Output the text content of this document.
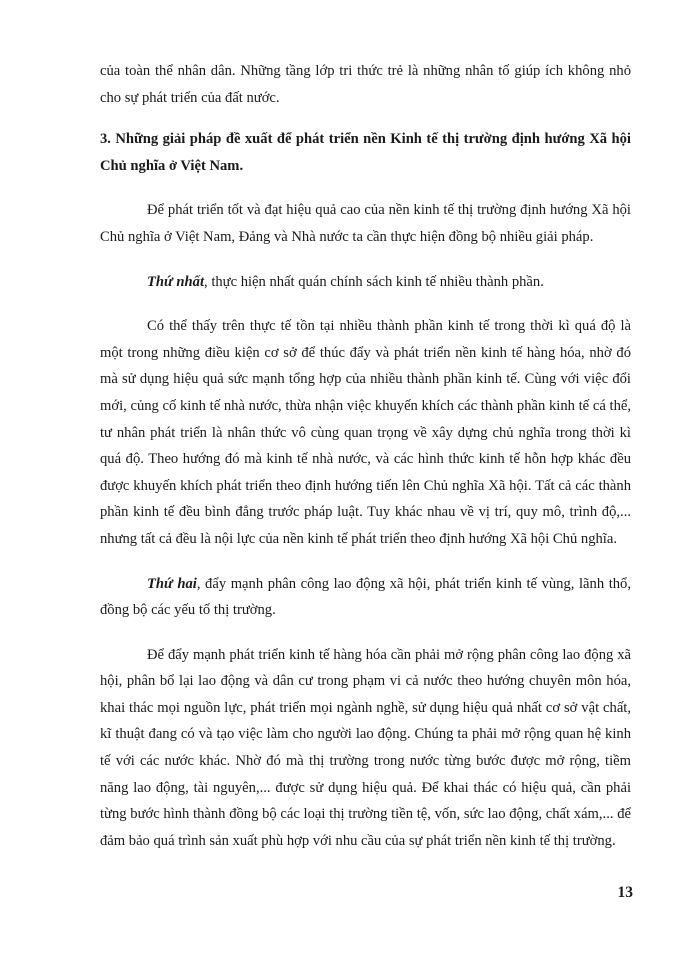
của toàn thể nhân dân. Những tầng lớp tri thức trẻ là những nhân tố giúp ích không nhỏ cho sự phát triển của đất nước.

3. Những giải pháp đề xuất để phát triển nền Kinh tế thị trường định hướng Xã hội Chủ nghĩa ở Việt Nam.

Để phát triển tốt và đạt hiệu quả cao của nền kinh tế thị trường định hướng Xã hội Chủ nghĩa ở Việt Nam, Đảng và Nhà nước ta cần thực hiện đồng bộ nhiều giải pháp.

Thứ nhất, thực hiện nhất quán chính sách kinh tế nhiều thành phần.

Có thể thấy trên thực tế tồn tại nhiều thành phần kinh tế trong thời kì quá độ là một trong những điều kiện cơ sở để thúc đẩy và phát triển nền kinh tế hàng hóa, nhờ đó mà sử dụng hiệu quả sức mạnh tổng hợp của nhiều thành phần kinh tế. Cùng với việc đổi mới, củng cố kinh tế nhà nước, thừa nhận việc khuyến khích các thành phần kinh tế cá thể, tư nhân phát triển là nhân thức vô cùng quan trọng về xây dựng chủ nghĩa trong thời kì quá độ. Theo hướng đó mà kinh tế nhà nước, và các hình thức kinh tế hỗn hợp khác đều được khuyến khích phát triển theo định hướng tiến lên Chủ nghĩa Xã hội. Tất cả các thành phần kinh tế đều bình đẳng trước pháp luật. Tuy khác nhau về vị trí, quy mô, trình độ,... nhưng tất cả đều là nội lực của nền kinh tế phát triển theo định hướng Xã hội Chủ nghĩa.

Thứ hai, đẩy mạnh phân công lao động xã hội, phát triển kinh tế vùng, lãnh thổ, đồng bộ các yếu tố thị trường.

Để đẩy mạnh phát triển kinh tế hàng hóa cần phải mở rộng phân công lao động xã hội, phân bổ lại lao động và dân cư trong phạm vi cả nước theo hướng chuyên môn hóa, khai thác mọi nguồn lực, phát triển mọi ngành nghề, sử dụng hiệu quả nhất cơ sở vật chất, kĩ thuật đang có và tạo việc làm cho người lao động. Chúng ta phải mở rộng quan hệ kinh tế với các nước khác. Nhờ đó mà thị trường trong nước từng bước được mở rộng, tiềm năng lao động, tài nguyên,... được sử dụng hiệu quả. Để khai thác có hiệu quả, cần phải từng bước hình thành đồng bộ các loại thị trường tiền tệ, vốn, sức lao động, chất xám,... để đảm bảo quá trình sản xuất phù hợp với nhu cầu của sự phát triển nền kinh tế thị trường.

13
